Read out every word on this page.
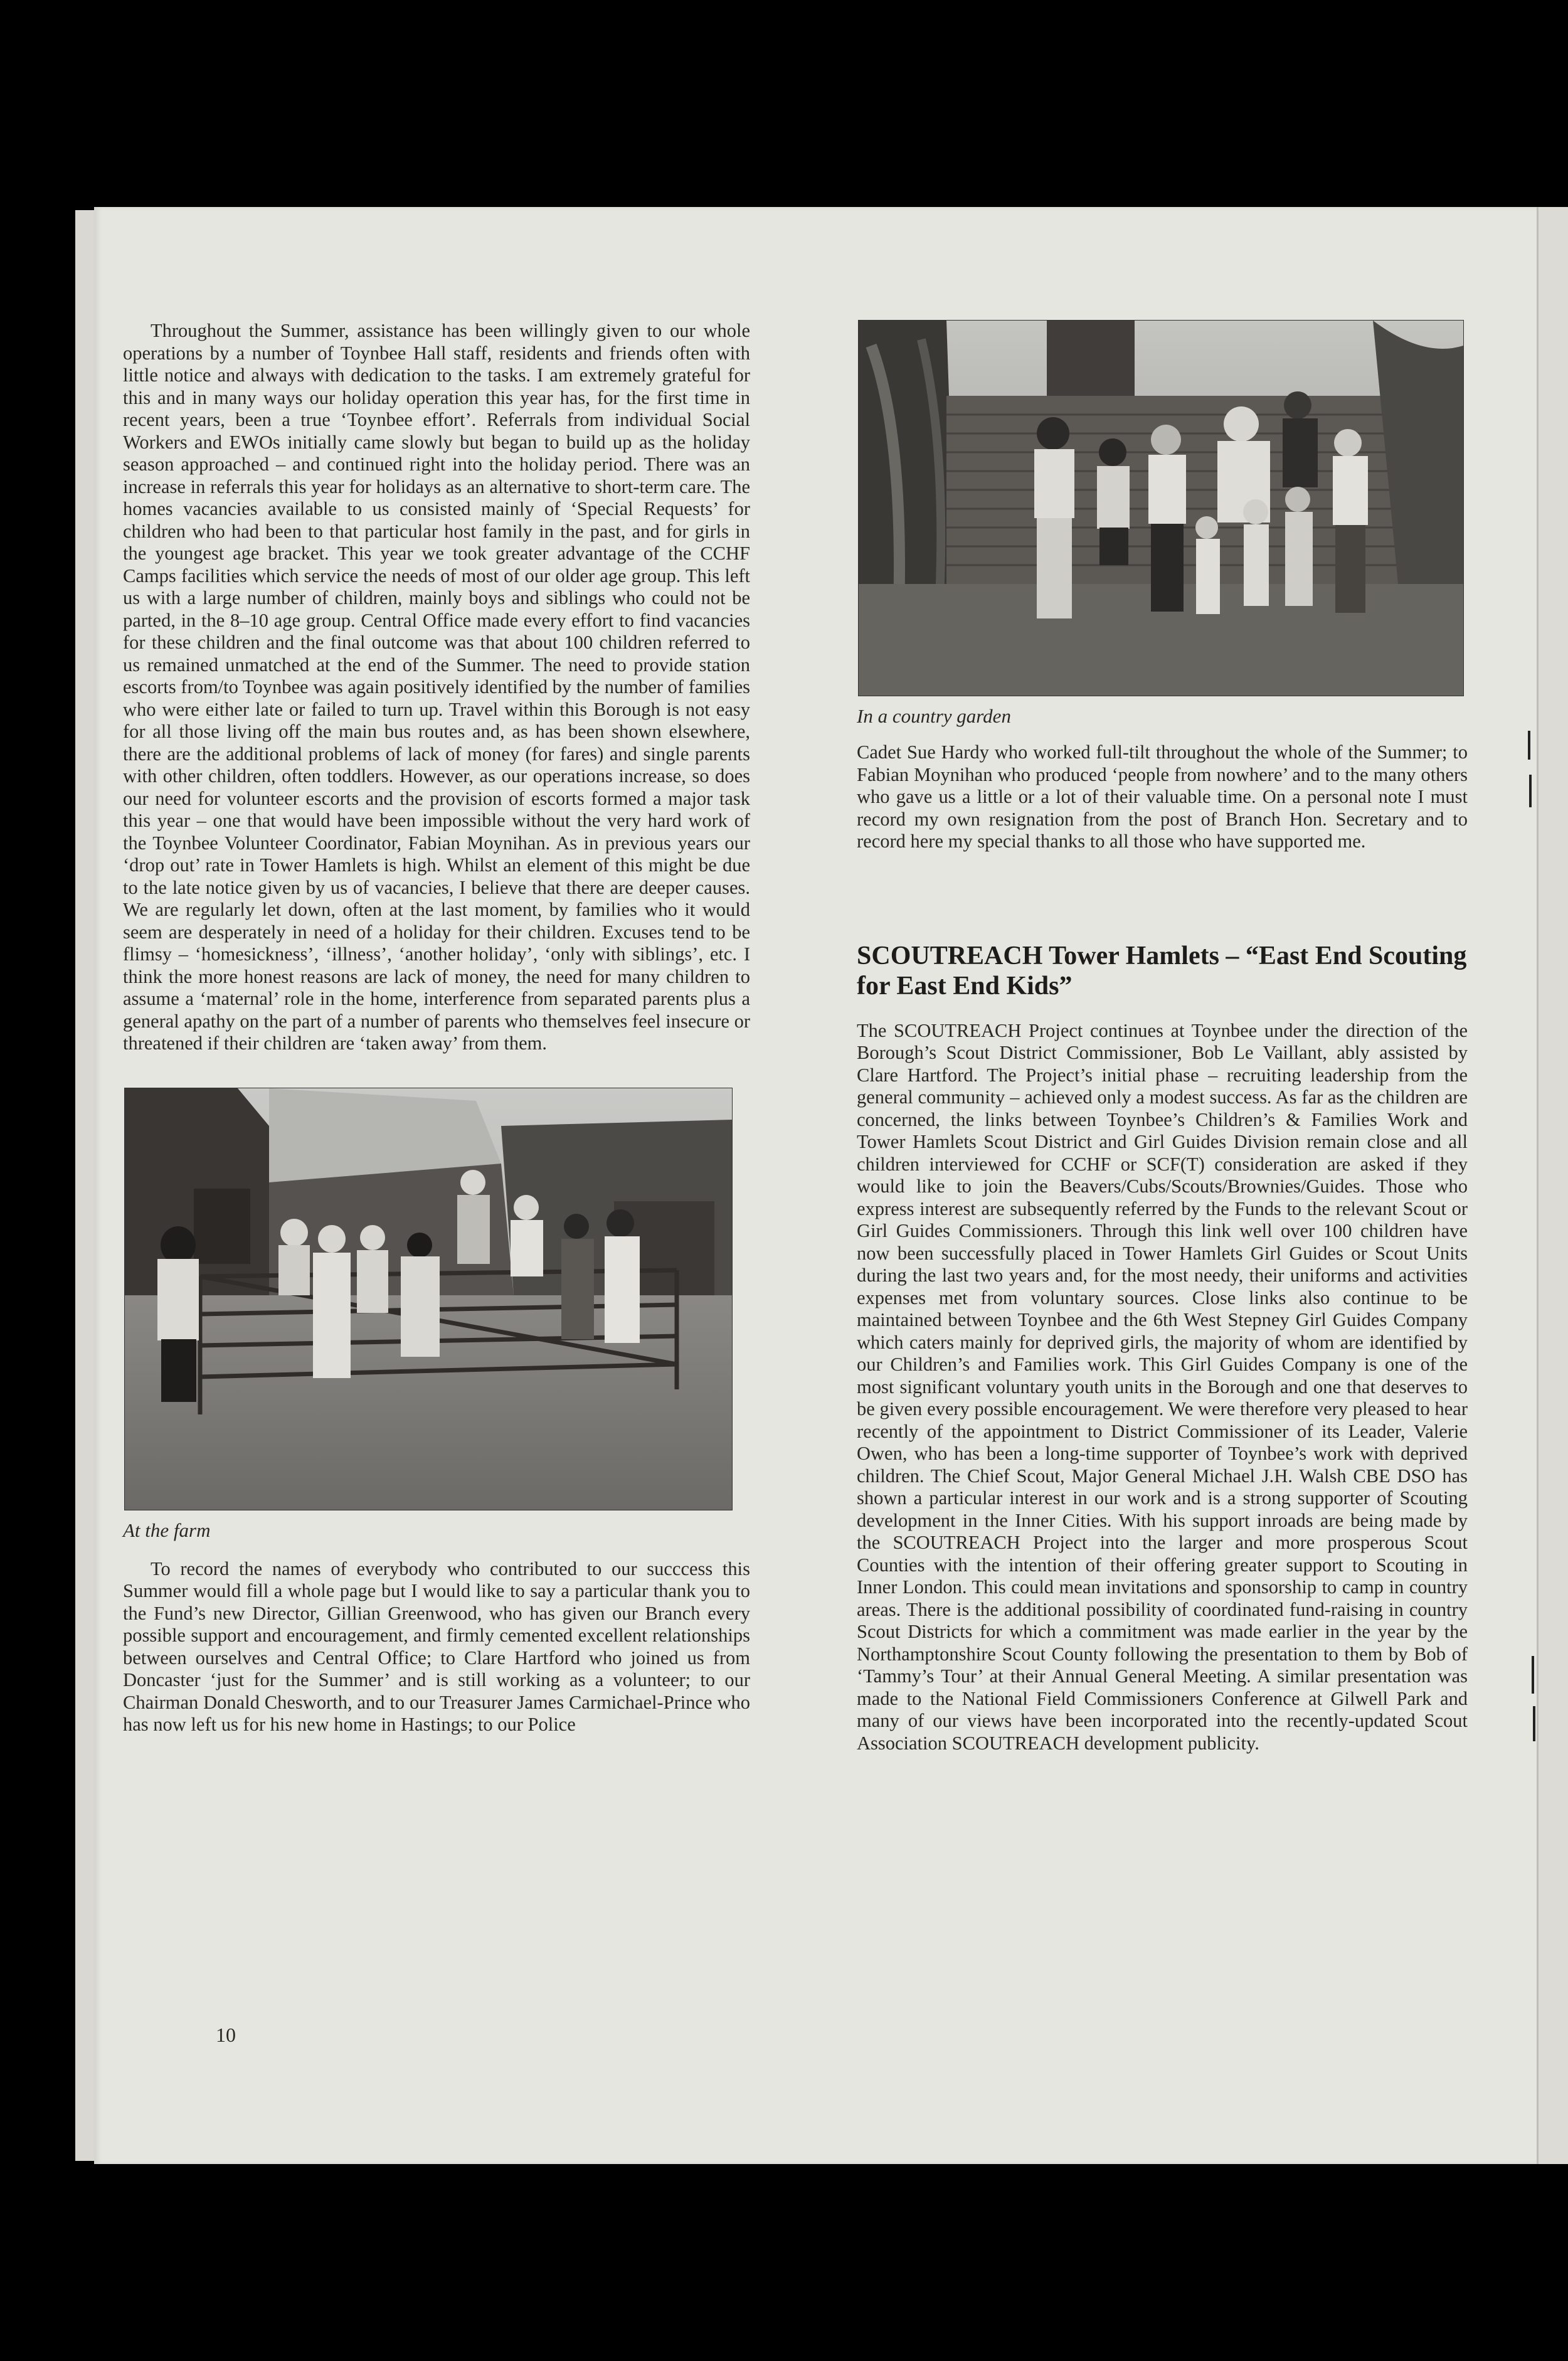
Throughout the Summer, assistance has been willingly given to our whole operations by a number of Toynbee Hall staff, residents and friends often with little notice and always with dedication to the tasks. I am extremely grateful for this and in many ways our holiday operation this year has, for the first time in recent years, been a true ‘Toynbee effort’. Referrals from individual Social Workers and EWOs initially came slowly but began to build up as the holiday season approached – and continued right into the holiday period. There was an increase in referrals this year for holidays as an alternative to short-term care. The homes vacancies available to us consisted mainly of ‘Special Requests’ for children who had been to that particular host family in the past, and for girls in the youngest age bracket. This year we took greater advantage of the CCHF Camps facilities which service the needs of most of our older age group. This left us with a large number of children, mainly boys and siblings who could not be parted, in the 8–10 age group. Central Office made every effort to find vacancies for these children and the final outcome was that about 100 children referred to us remained unmatched at the end of the Summer. The need to provide station escorts from/to Toynbee was again positively identified by the number of families who were either late or failed to turn up. Travel within this Borough is not easy for all those living off the main bus routes and, as has been shown elsewhere, there are the additional problems of lack of money (for fares) and single parents with other children, often toddlers. However, as our operations increase, so does our need for volunteer escorts and the provision of escorts formed a major task this year – one that would have been impossible without the very hard work of the Toynbee Volunteer Coordinator, Fabian Moynihan. As in previous years our ‘drop out’ rate in Tower Hamlets is high. Whilst an element of this might be due to the late notice given by us of vacancies, I believe that there are deeper causes. We are regularly let down, often at the last moment, by families who it would seem are desperately in need of a holiday for their children. Excuses tend to be flimsy – ‘homesickness’, ‘illness’, ‘another holiday’, ‘only with siblings’, etc. I think the more honest reasons are lack of money, the need for many children to assume a ‘maternal’ role in the home, interference from separated parents plus a general apathy on the part of a number of parents who themselves feel insecure or threatened if their children are ‘taken away’ from them.

At the farm

To record the names of everybody who contributed to our succcess this Summer would fill a whole page but I would like to say a particular thank you to the Fund’s new Director, Gillian Greenwood, who has given our Branch every possible support and encouragement, and firmly cemented excellent relationships between ourselves and Central Office; to Clare Hartford who joined us from Doncaster ‘just for the Summer’ and is still working as a volunteer; to our Chairman Donald Chesworth, and to our Treasurer James Carmichael-Prince who has now left us for his new home in Hastings; to our Police

In a country garden

Cadet Sue Hardy who worked full-tilt throughout the whole of the Summer; to Fabian Moynihan who produced ‘people from nowhere’ and to the many others who gave us a little or a lot of their valuable time. On a personal note I must record my own resignation from the post of Branch Hon. Secretary and to record here my special thanks to all those who have supported me.

SCOUTREACH Tower Hamlets – “East End Scouting for East End Kids”

The SCOUTREACH Project continues at Toynbee under the direction of the Borough’s Scout District Commissioner, Bob Le Vaillant, ably assisted by Clare Hartford. The Project’s initial phase – recruiting leadership from the general community – achieved only a modest success. As far as the children are concerned, the links between Toynbee’s Children’s & Families Work and Tower Hamlets Scout District and Girl Guides Division remain close and all children interviewed for CCHF or SCF(T) consideration are asked if they would like to join the Beavers/Cubs/Scouts/Brownies/Guides. Those who express interest are subsequently referred by the Funds to the relevant Scout or Girl Guides Commissioners. Through this link well over 100 children have now been successfully placed in Tower Hamlets Girl Guides or Scout Units during the last two years and, for the most needy, their uniforms and activities expenses met from voluntary sources. Close links also continue to be maintained between Toynbee and the 6th West Stepney Girl Guides Company which caters mainly for deprived girls, the majority of whom are identified by our Children’s and Families work. This Girl Guides Company is one of the most significant voluntary youth units in the Borough and one that deserves to be given every possible encouragement. We were therefore very pleased to hear recently of the appointment to District Commissioner of its Leader, Valerie Owen, who has been a long-time supporter of Toynbee’s work with deprived children. The Chief Scout, Major General Michael J.H. Walsh CBE DSO has shown a particular interest in our work and is a strong supporter of Scouting development in the Inner Cities. With his support inroads are being made by the SCOUTREACH Project into the larger and more prosperous Scout Counties with the intention of their offering greater support to Scouting in Inner London. This could mean invitations and sponsorship to camp in country areas. There is the additional possibility of coordinated fund-raising in country Scout Districts for which a commitment was made earlier in the year by the Northamptonshire Scout County following the presentation to them by Bob of ‘Tammy’s Tour’ at their Annual General Meeting. A similar presentation was made to the National Field Commissioners Conference at Gilwell Park and many of our views have been incorporated into the recently-updated Scout Association SCOUTREACH development publicity.

10
